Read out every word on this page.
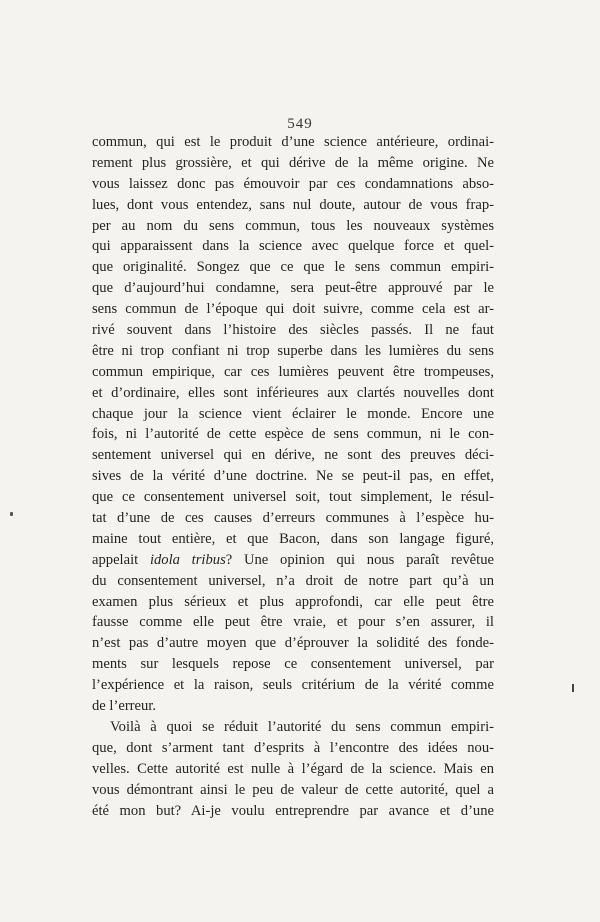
549
commun, qui est le produit d’une science antérieure, ordinai-
rement plus grossière, et qui dérive de la même origine. Ne
vous laissez donc pas émouvoir par ces condamnations abso-
lues, dont vous entendez, sans nul doute, autour de vous frap-
per au nom du sens commun, tous les nouveaux systèmes
qui apparaissent dans la science avec quelque force et quel-
que originalité. Songez que ce que le sens commun empiri-
que d’aujourd’hui condamne, sera peut-être approuvé par le
sens commun de l’époque qui doit suivre, comme cela est ar-
rivé souvent dans l’histoire des siècles passés. Il ne faut
être ni trop confiant ni trop superbe dans les lumières du sens
commun empirique, car ces lumières peuvent être trompeuses,
et d’ordinaire, elles sont inférieures aux clartés nouvelles dont
chaque jour la science vient éclairer le monde. Encore une
fois, ni l’autorité de cette espèce de sens commun, ni le con-
sentement universel qui en dérive, ne sont des preuves déci-
sives de la vérité d’une doctrine. Ne se peut-il pas, en effet,
que ce consentement universel soit, tout simplement, le résul-
tat d’une de ces causes d’erreurs communes à l’espèce hu-
maine tout entière, et que Bacon, dans son langage figuré,
appelait idola tribus? Une opinion qui nous paraît revêtue
du consentement universel, n’a droit de notre part qu’à un
examen plus sérieux et plus approfondi, car elle peut être
fausse comme elle peut être vraie, et pour s’en assurer, il
n’est pas d’autre moyen que d’éprouver la solidité des fonde-
ments sur lesquels repose ce consentement universel, par
l’expérience et la raison, seuls critérium de la vérité comme
de l’erreur.
Voilà à quoi se réduit l’autorité du sens commun empiri-
que, dont s’arment tant d’esprits à l’encontre des idées nou-
velles. Cette autorité est nulle à l’égard de la science. Mais en
vous démontrant ainsi le peu de valeur de cette autorité, quel a
été mon but? Ai-je voulu entreprendre par avance et d’une
